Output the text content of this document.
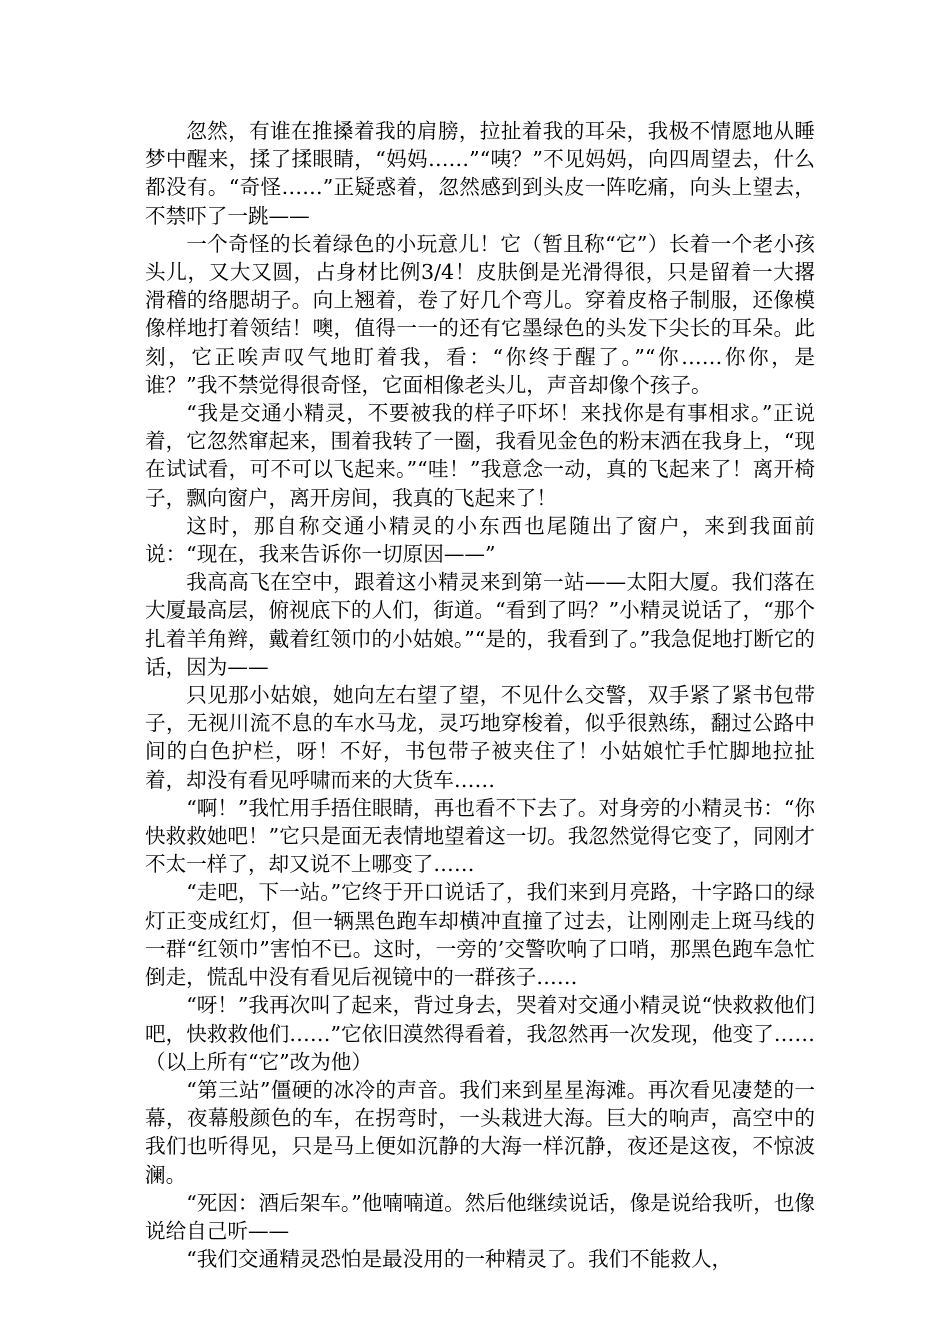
忽然，有谁在推搡着我的肩膀，拉扯着我的耳朵，我极不情愿地从睡梦中醒来，揉了揉眼睛，“妈妈……”“咦？”不见妈妈，向四周望去，什么都没有。“奇怪……”正疑惑着，忽然感到到头皮一阵吃痛，向头上望去，不禁吓了一跳——

一个奇怪的长着绿色的小玩意儿！它（暂且称“它”）长着一个老小孩头儿，又大又圆，占身材比例3/4！皮肤倒是光滑得很，只是留着一大撂滑稽的络腮胡子。向上翘着，卷了好几个弯儿。穿着皮格子制服，还像模像样地打着领结！噢，值得一一的还有它墨绿色的头发下尖长的耳朵。此刻，它正唉声叹气地盯着我，看：“你终于醒了。”“你……你你，是谁？”我不禁觉得很奇怪，它面相像老头儿，声音却像个孩子。

“我是交通小精灵，不要被我的样子吓坏！来找你是有事相求。”正说着，它忽然窜起来，围着我转了一圈，我看见金色的粉末洒在我身上，“现在试试看，可不可以飞起来。”“哇！”我意念一动，真的飞起来了！离开椅子，飘向窗户，离开房间，我真的飞起来了！

这时，那自称交通小精灵的小东西也尾随出了窗户，来到我面前说：“现在，我来告诉你一切原因——”

我高高飞在空中，跟着这小精灵来到第一站——太阳大厦。我们落在大厦最高层，俯视底下的人们，街道。“看到了吗？”小精灵说话了，“那个扎着羊角辫，戴着红领巾的小姑娘。”“是的，我看到了。”我急促地打断它的话，因为——

只见那小姑娘，她向左右望了望，不见什么交警，双手紧了紧书包带子，无视川流不息的车水马龙，灵巧地穿梭着，似乎很熟练，翻过公路中间的白色护栏，呀！不好，书包带子被夹住了！小姑娘忙手忙脚地拉扯着，却没有看见呼啸而来的大货车……

“啊！”我忙用手捂住眼睛，再也看不下去了。对身旁的小精灵书：“你快救救她吧！”它只是面无表情地望着这一切。我忽然觉得它变了，同刚才不太一样了，却又说不上哪变了……

“走吧，下一站。”它终于开口说话了，我们来到月亮路，十字路口的绿灯正变成红灯，但一辆黑色跑车却横冲直撞了过去，让刚刚走上斑马线的一群“红领巾”害怕不已。这时，一旁的’交警吹响了口哨，那黑色跑车急忙倒走，慌乱中没有看见后视镜中的一群孩子……

“呀！”我再次叫了起来，背过身去，哭着对交通小精灵说“快救救他们吧，快救救他们……”它依旧漠然得看着，我忽然再一次发现，他变了……（以上所有“它”改为他）

“第三站”僵硬的冰冷的声音。我们来到星星海滩。再次看见凄楚的一幕，夜幕般颜色的车，在拐弯时，一头栽进大海。巨大的响声，高空中的我们也听得见，只是马上便如沉静的大海一样沉静，夜还是这夜，不惊波澜。

“死因：酒后架车。”他喃喃道。然后他继续说话，像是说给我听，也像说给自己听——

“我们交通精灵恐怕是最没用的一种精灵了。我们不能救人，
